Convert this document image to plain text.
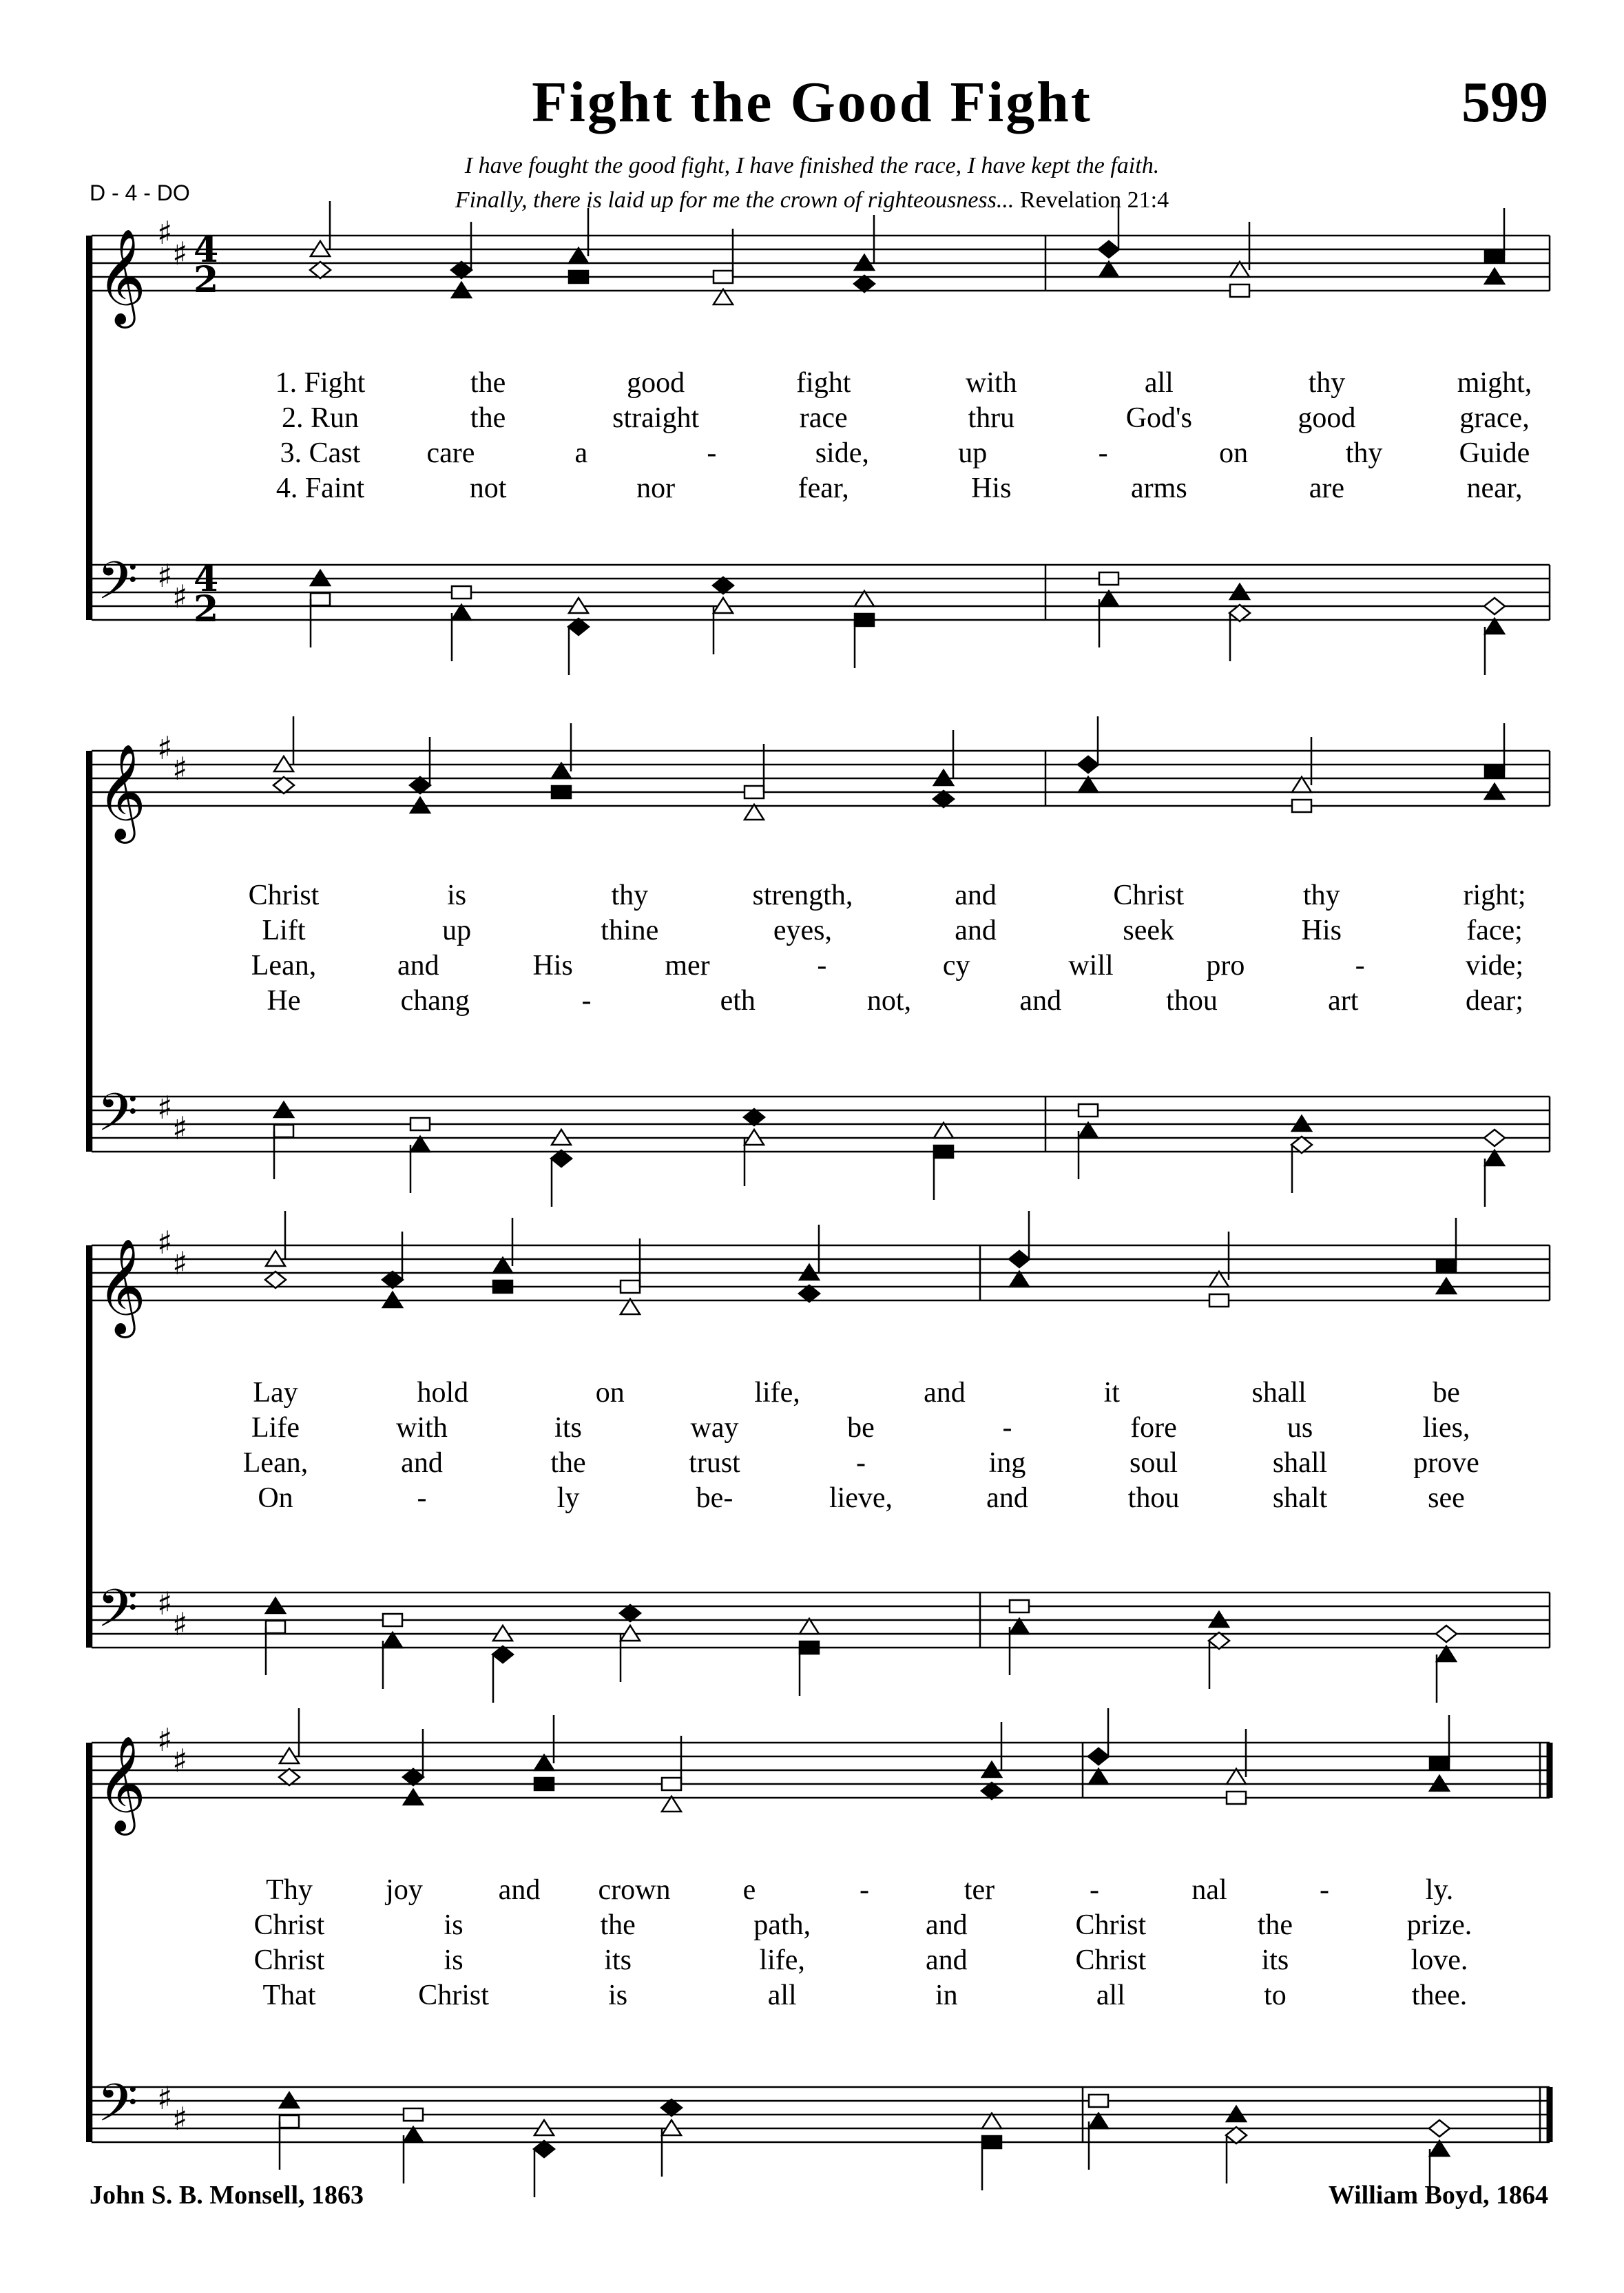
Fight the Good Fight	599
I have fought the good fight, I have finished the race, I have kept the faith.
Finally, there is laid up for me the crown of righteousness... Revelation 21:4
D - 4 - DO
𝄞
𝄢
♯
♯
♯
♯
4
2
4
2
𝄞
𝄢
♯
♯
♯
♯
𝄞
𝄢
♯
♯
♯
♯
𝄞
𝄢
♯
♯
♯
♯
1. Fight	the	good	fight	with	all	thy	might,
2. Run	the	straight	race	thru	God's	good	grace,
3. Cast care	a	-	side,	up	-	on	thy	Guide
4. Faint	not	nor	fear,	His	arms	are	near,
Christ	is	thy	strength,	and	Christ	thy	right;
Lift	up	thine	eyes,	and	seek	His	face;
Lean,	and	His	mer	-	cy	will	pro	-	vide;
He	chang	-	eth	not,	and	thou	art	dear;
Lay	hold	on	life,	and	it	shall	be
Life	with	its	way	be	-	fore	us	lies,
Lean,	and	the	trust	-	ing	soul	shall	prove
On	-	ly	be-	lieve,	and	thou	shalt	see
Thy	joy	and crown	e	-	ter	-	nal	-	ly.
Christ	is	the	path,	and	Christ	the	prize.
Christ	is	its	life,	and	Christ	its	love.
That	Christ	is	all	in	all	to	thee.
John S. B. Monsell, 1863	William Boyd, 1864
